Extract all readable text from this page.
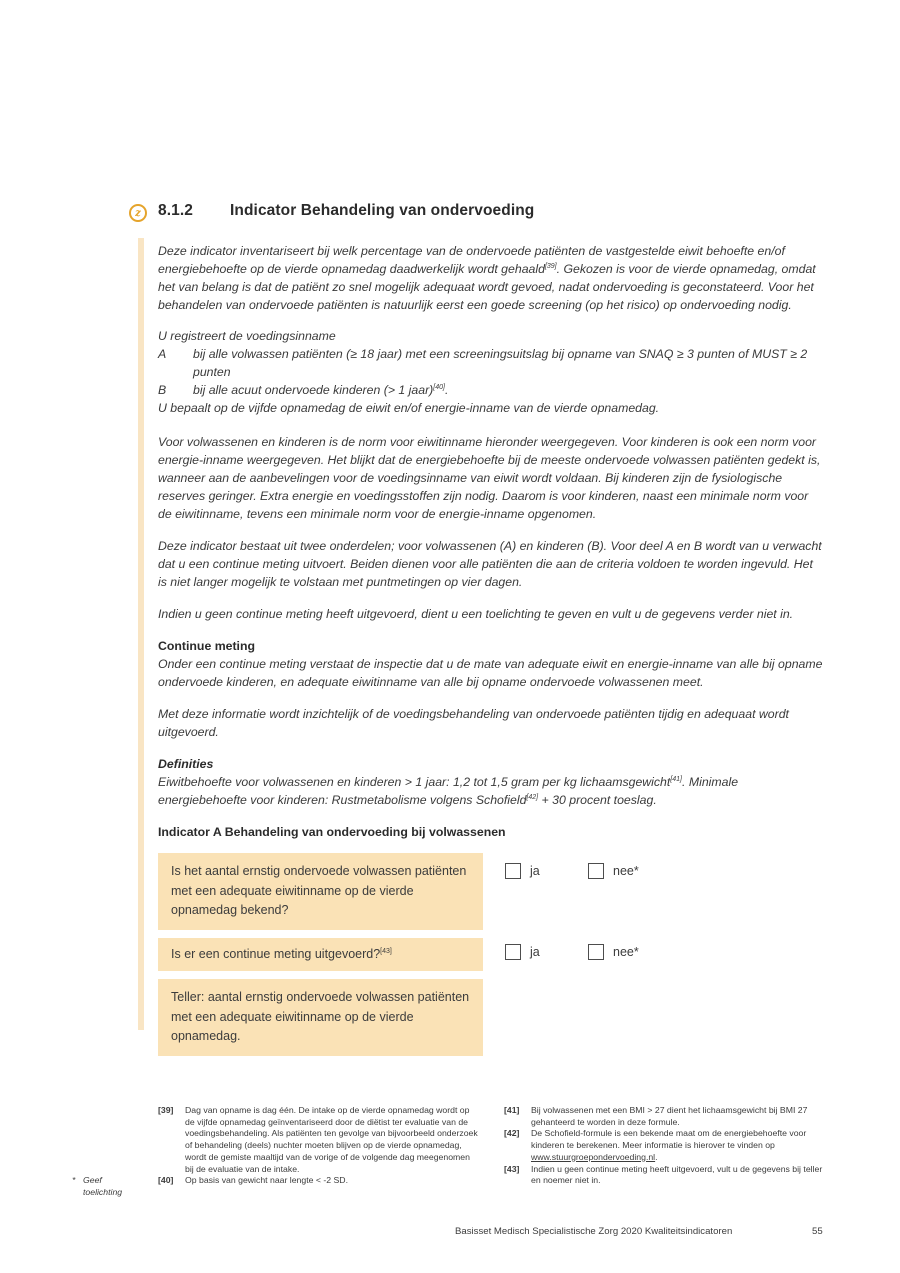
z	8.1.2	Indicator Behandeling van ondervoeding

Deze indicator inventariseert bij welk percentage van de ondervoede patiënten de vastgestelde eiwit behoefte en/of energiebehoefte op de vierde opnamedag daadwerkelijk wordt gehaald[39]. Gekozen is voor de vierde opnamedag, omdat het van belang is dat de patiënt zo snel mogelijk adequaat wordt gevoed, nadat ondervoeding is geconstateerd. Voor het behandelen van ondervoede patiënten is natuurlijk eerst een goede screening (op het risico) op ondervoeding nodig.

U registreert de voedingsinname
A	bij alle volwassen patiënten (≥ 18 jaar) met een screeningsuitslag bij opname van SNAQ ≥ 3 punten of MUST ≥ 2 punten
B	bij alle acuut ondervoede kinderen (> 1 jaar)[40].
U bepaalt op de vijfde opnamedag de eiwit en/of energie-inname van de vierde opnamedag.

Voor volwassenen en kinderen is de norm voor eiwitinname hieronder weergegeven. Voor kinderen is ook een norm voor energie-inname weergegeven. Het blijkt dat de energiebehoefte bij de meeste ondervoede volwassen patiënten gedekt is, wanneer aan de aanbevelingen voor de voedingsinname van eiwit wordt voldaan. Bij kinderen zijn de fysiologische reserves geringer. Extra energie en voedingsstoffen zijn nodig. Daarom is voor kinderen, naast een minimale norm voor de eiwitinname, tevens een minimale norm voor de energie-inname opgenomen.

Deze indicator bestaat uit twee onderdelen; voor volwassenen (A) en kinderen (B). Voor deel A en B wordt van u verwacht dat u een continue meting uitvoert. Beiden dienen voor alle patiënten die aan de criteria voldoen te worden ingevuld. Het is niet langer mogelijk te volstaan met puntmetingen op vier dagen.

Indien u geen continue meting heeft uitgevoerd, dient u een toelichting te geven en vult u de gegevens verder niet in.

Continue meting

Onder een continue meting verstaat de inspectie dat u de mate van adequate eiwit en energie-inname van alle bij opname ondervoede kinderen, en adequate eiwitinname van alle bij opname ondervoede volwassenen meet.

Met deze informatie wordt inzichtelijk of de voedingsbehandeling van ondervoede patiënten tijdig en adequaat wordt uitgevoerd.

Definities

Eiwitbehoefte voor volwassenen en kinderen > 1 jaar: 1,2 tot 1,5 gram per kg lichaamsgewicht[41]. Minimale energiebehoefte voor kinderen: Rustmetabolisme volgens Schofield[42] + 30 procent toeslag.

Indicator A Behandeling van ondervoeding bij volwassenen
Is het aantal ernstig ondervoede volwassen patiënten met een adequate eiwitinname op de vierde opnamedag bekend?
ja	nee*
Is er een continue meting uitgevoerd?[43]	ja	nee*
Teller: aantal ernstig ondervoede volwassen patiënten met een adequate eiwitinname op de vierde opnamedag.
[39]	Dag van opname is dag één. De intake op de vierde opnamedag wordt op de vijfde opnamedag geïnventariseerd door de diëtist ter evaluatie van de voedingsbehandeling. Als patiënten ten gevolge van bijvoorbeeld onderzoek of behandeling (deels) nuchter moeten blijven op de vierde opnamedag, wordt de gemiste maaltijd van de vorige of de volgende dag meegenomen bij de evaluatie van de intake.
[40]	Op basis van gewicht naar lengte < -2 SD.
[41]	Bij volwassenen met een BMI > 27 dient het lichaamsgewicht bij BMI 27 gehanteerd te worden in deze formule.
[42]	De Schofield-formule is een bekende maat om de energiebehoefte voor kinderen te berekenen. Meer informatie is hierover te vinden op www.stuurgroepondervoeding.nl.
[43]	Indien u geen continue meting heeft uitgevoerd, vult u de gegevens bij teller en noemer niet in.
* Geef
toelichting
Basisset Medisch Specialistische Zorg 2020 Kwaliteitsindicatoren	55
